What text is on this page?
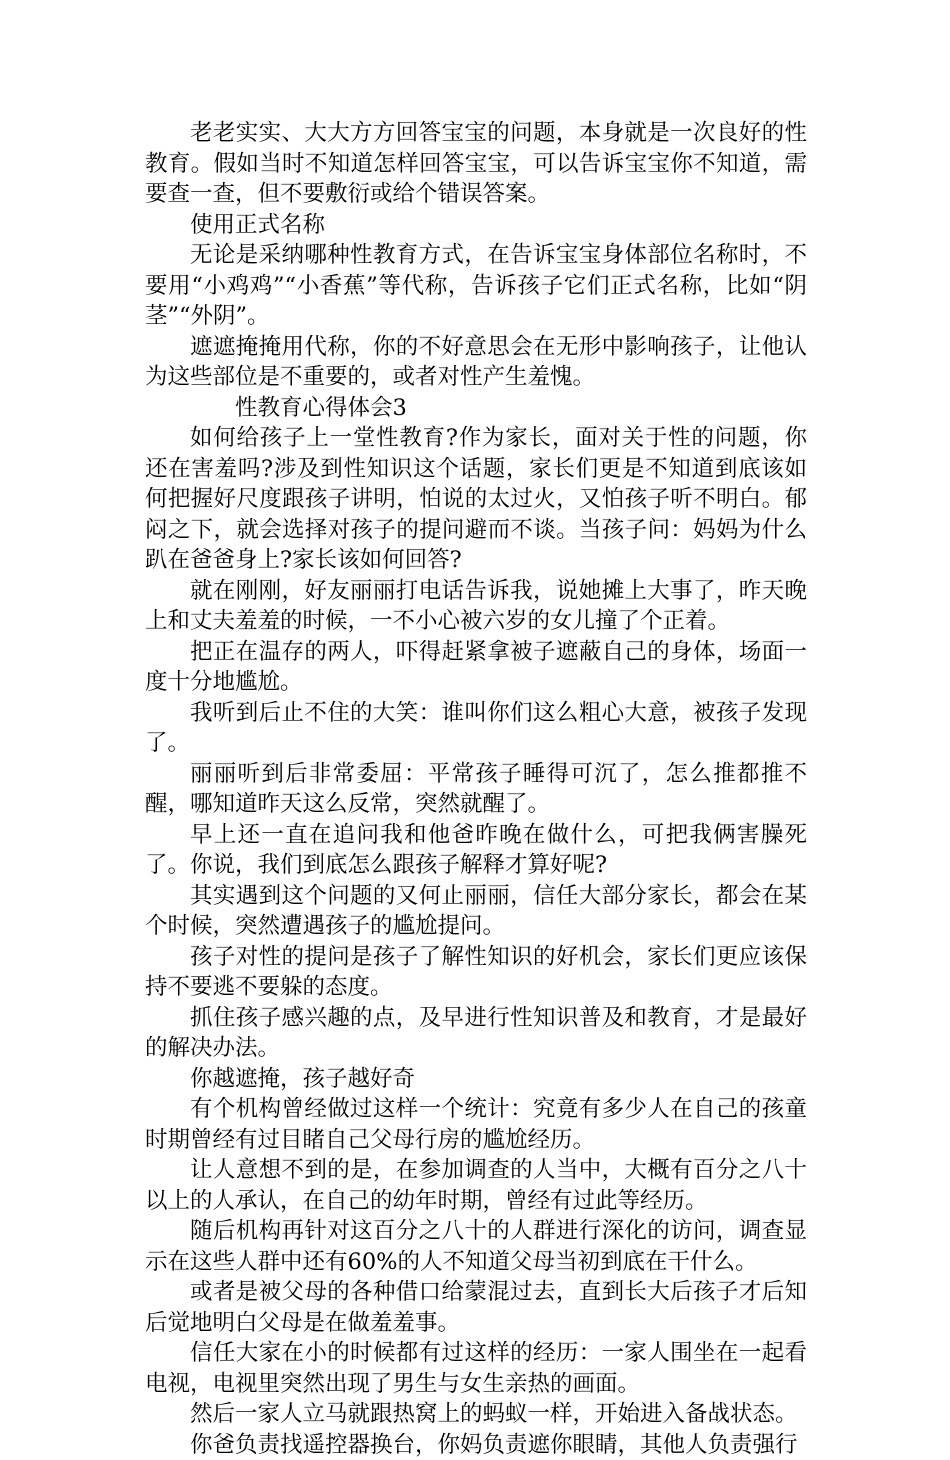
老老实实、大大方方回答宝宝的问题，本身就是一次良好的性教育。假如当时不知道怎样回答宝宝，可以告诉宝宝你不知道，需要查一查，但不要敷衍或给个错误答案。

使用正式名称

无论是采纳哪种性教育方式，在告诉宝宝身体部位名称时，不要用“小鸡鸡”“小香蕉”等代称，告诉孩子它们正式名称，比如“阴茎”“外阴”。

遮遮掩掩用代称，你的不好意思会在无形中影响孩子，让他认为这些部位是不重要的，或者对性产生羞愧。

性教育心得体会3

如何给孩子上一堂性教育?作为家长，面对关于性的问题，你还在害羞吗?涉及到性知识这个话题，家长们更是不知道到底该如何把握好尺度跟孩子讲明，怕说的太过火，又怕孩子听不明白。郁闷之下，就会选择对孩子的提问避而不谈。当孩子问：妈妈为什么趴在爸爸身上?家长该如何回答?

就在刚刚，好友丽丽打电话告诉我，说她摊上大事了，昨天晚上和丈夫羞羞的时候，一不小心被六岁的女儿撞了个正着。

把正在温存的两人，吓得赶紧拿被子遮蔽自己的身体，场面一度十分地尴尬。

我听到后止不住的大笑：谁叫你们这么粗心大意，被孩子发现了。

丽丽听到后非常委屈：平常孩子睡得可沉了，怎么推都推不醒，哪知道昨天这么反常，突然就醒了。

早上还一直在追问我和他爸昨晚在做什么，可把我俩害臊死了。你说，我们到底怎么跟孩子解释才算好呢?

其实遇到这个问题的又何止丽丽，信任大部分家长，都会在某个时候，突然遭遇孩子的尴尬提问。

孩子对性的提问是孩子了解性知识的好机会，家长们更应该保持不要逃不要躲的态度。

抓住孩子感兴趣的点，及早进行性知识普及和教育，才是最好的解决办法。

你越遮掩，孩子越好奇

有个机构曾经做过这样一个统计：究竟有多少人在自己的孩童时期曾经有过目睹自己父母行房的尴尬经历。

让人意想不到的是，在参加调查的人当中，大概有百分之八十以上的人承认，在自己的幼年时期，曾经有过此等经历。

随后机构再针对这百分之八十的人群进行深化的访问，调查显示在这些人群中还有60%的人不知道父母当初到底在干什么。

或者是被父母的各种借口给蒙混过去，直到长大后孩子才后知后觉地明白父母是在做羞羞事。

信任大家在小的时候都有过这样的经历：一家人围坐在一起看电视，电视里突然出现了男生与女生亲热的画面。

然后一家人立马就跟热窝上的蚂蚁一样，开始进入备战状态。

你爸负责找遥控器换台，你妈负责遮你眼睛，其他人负责强行
